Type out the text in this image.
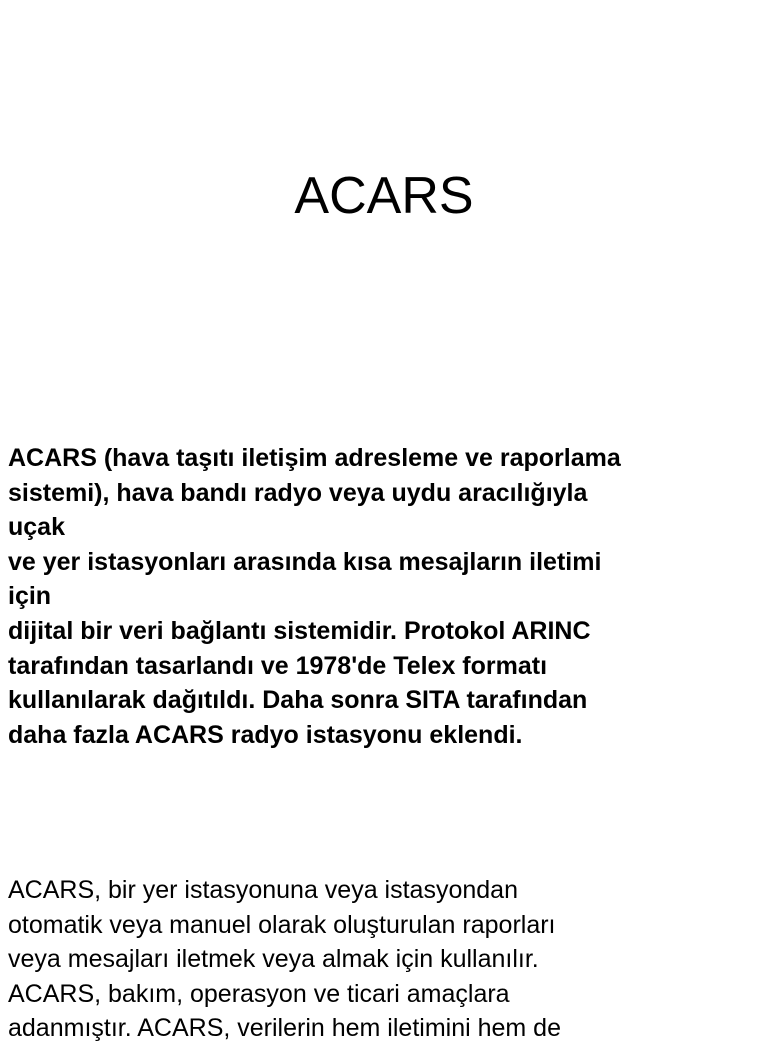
ACARS

ACARS (hava taşıtı iletişim adresleme ve raporlama
sistemi), hava bandı radyo veya uydu aracılığıyla
uçak
ve yer istasyonları arasında kısa mesajların iletimi
için
dijital bir veri bağlantı sistemidir. Protokol ARINC
tarafından tasarlandı ve 1978'de Telex formatı
kullanılarak dağıtıldı. Daha sonra SITA tarafından
daha fazla ACARS radyo istasyonu eklendi.

ACARS, bir yer istasyonuna veya istasyondan
otomatik veya manuel olarak oluşturulan raporları
veya mesajları iletmek veya almak için kullanılır.
ACARS, bakım, operasyon ve ticari amaçlara
adanmıştır. ACARS, verilerin hem iletimini hem de
